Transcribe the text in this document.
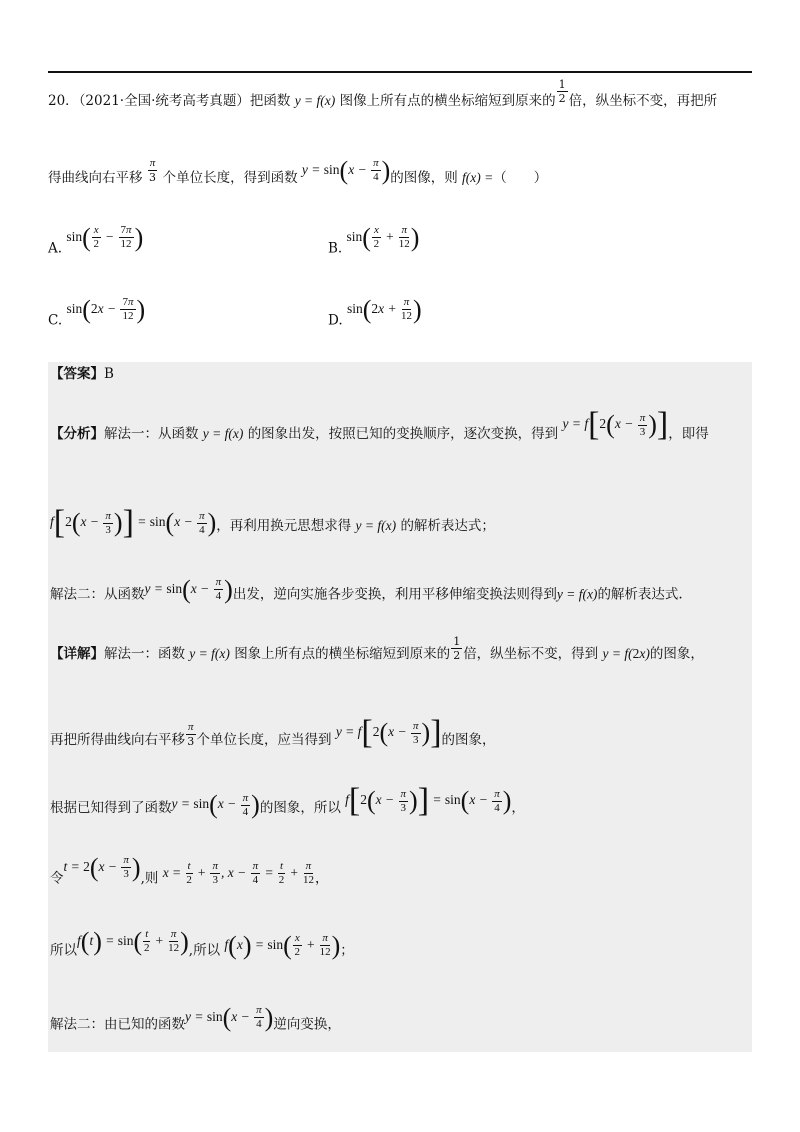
20．（2021·全国·统考高考真题）把函数 y = f(x) 图像上所有点的横坐标缩短到原来的 $\frac{1}{2}$ 倍，纵坐标不变，再把所
得曲线向右平移 $\frac{\pi}{3}$ 个单位长度，得到函数 $y = \sin(x - \frac{\pi}{4}$ )的图像，则 f(x) =（　　）
A. $\sin( \frac{x}{2} - \frac{7\pi}{12}$ )	B. $\sin( \frac{x}{2} + \frac{\pi}{12}$ )
C. $\sin(2x - \frac{7\pi}{12}$ )	D. $\sin(2x + \frac{\pi}{12}$ )
【答案】B
【分析】解法一：从函数 y = f(x) 的图象出发，按照已知的变换顺序，逐次变换，得到 $y = f[2(x - \frac{\pi}{3}$ )]，即得
$f[2(x - \frac{\pi}{3}$ )] = $\sin(x - \frac{\pi}{4}$ )，再利用换元思想求得 y = f(x) 的解析表达式；
解法二：从函数$y = \sin(x - \frac{\pi}{4}$ )出发，逆向实施各步变换，利用平移伸缩变换法则得到y = f(x)的解析表达式.
【详解】解法一：函数 y = f(x) 图象上所有点的横坐标缩短到原来的 $\frac{1}{2}$ 倍，纵坐标不变，得到 y = f(2x)的图象，
再把所得曲线向右平移 $\frac{\pi}{3}$ 个单位长度，应当得到 $y = f[2(x - \frac{\pi}{3}$ )]的图象，
根据已知得到了函数$y = \sin(x - \frac{\pi}{4}$ )的图象，所以 $f[2(x - \frac{\pi}{3}$ )] = $\sin(x - \frac{\pi}{4}$ )，
令$t = 2(x - \frac{\pi}{3}$ ),则 $x = \frac{t}{2} + \frac{\pi}{3}$ , $x - \frac{\pi}{4} = \frac{t}{2} + \frac{\pi}{12}$ ，
所以$f(t) = \sin( \frac{t}{2} + \frac{\pi}{12}$ ),所以 $f(x) = \sin( \frac{x}{2} + \frac{\pi}{12}$ )；
解法二：由已知的函数$y = \sin(x - \frac{\pi}{4}$ )逆向变换，
